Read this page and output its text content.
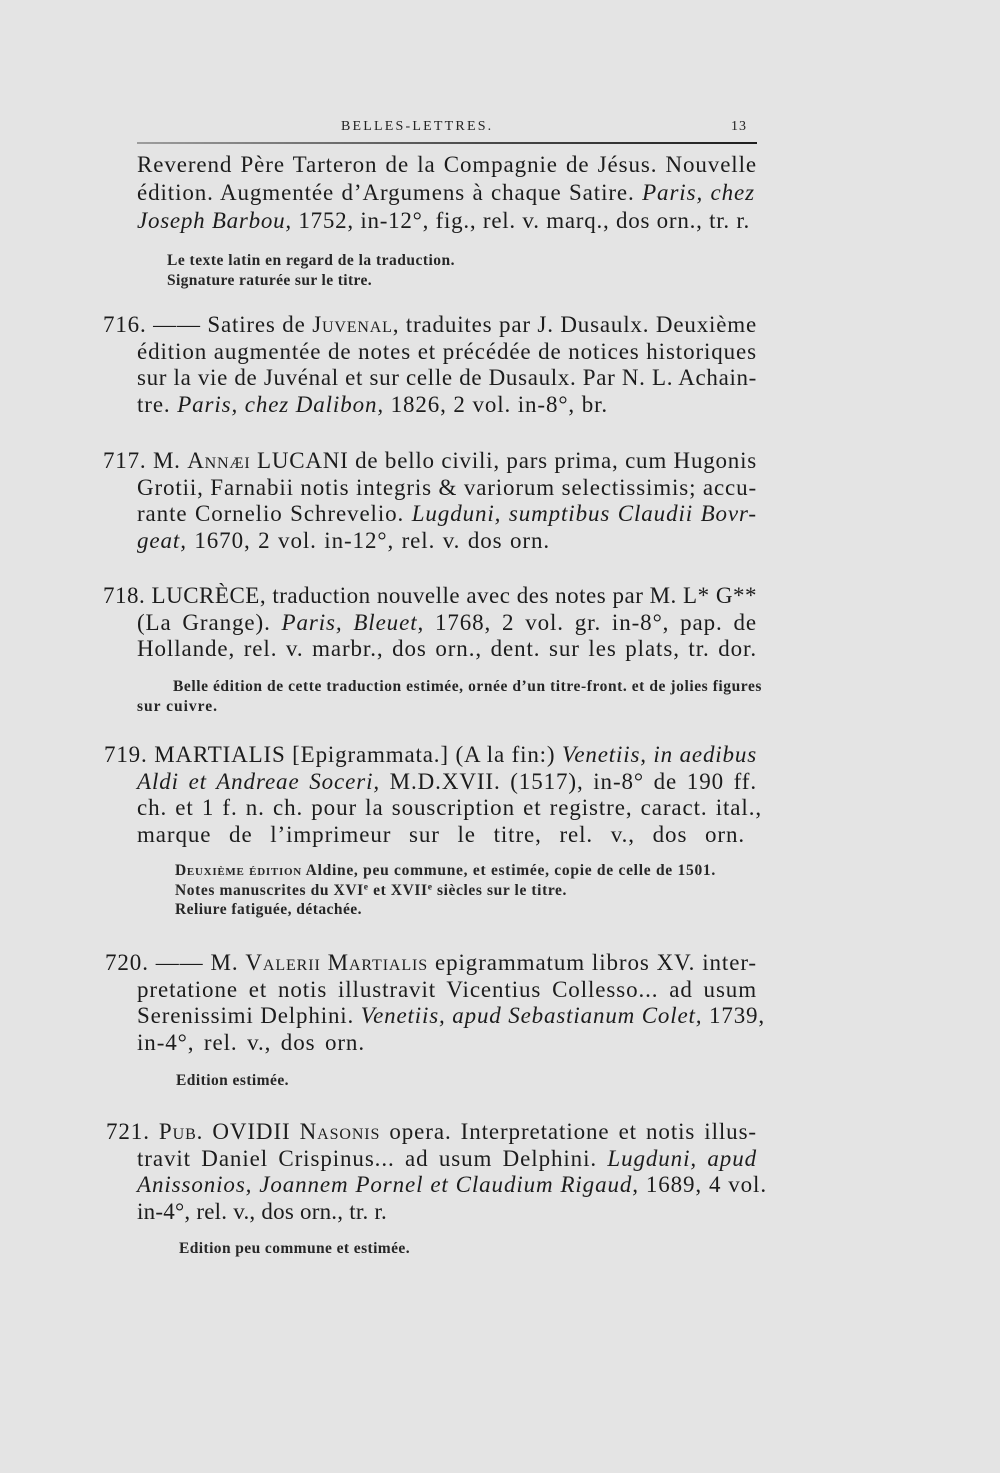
BELLES-LETTRES.	13
Reverend Père Tarteron de la Compagnie de Jésus. Nouvelle
édition. Augmentée d’Argumens à chaque Satire. Paris, chez
Joseph Barbou, 1752, in-12°, fig., rel. v. marq., dos orn., tr. r.
Le texte latin en regard de la traduction.
Signature raturée sur le titre.
716. —— Satires de Juvenal, traduites par J. Dusaulx. Deuxième
édition augmentée de notes et précédée de notices historiques
sur la vie de Juvénal et sur celle de Dusaulx. Par N. L. Achain-
tre. Paris, chez Dalibon, 1826, 2 vol. in-8°, br.
717. M. Annæi LUCANI de bello civili, pars prima, cum Hugonis
Grotii, Farnabii notis integris & variorum selectissimis; accu-
rante Cornelio Schrevelio. Lugduni, sumptibus Claudii Bovr-
geat, 1670, 2 vol. in-12°, rel. v. dos orn.
718. LUCRÈCE, traduction nouvelle avec des notes par M. L* G**
(La Grange). Paris, Bleuet, 1768, 2 vol. gr. in-8°, pap. de
Hollande, rel. v. marbr., dos orn., dent. sur les plats, tr. dor.
Belle édition de cette traduction estimée, ornée d’un titre-front. et de jolies figures
sur cuivre.
719. MARTIALIS [Epigrammata.] (A la fin:) Venetiis, in aedibus
Aldi et Andreae Soceri, M.D.XVII. (1517), in-8° de 190 ff.
ch. et 1 f. n. ch. pour la souscription et registre, caract. ital.,
marque de l’imprimeur sur le titre, rel. v., dos orn.
Deuxième édition Aldine, peu commune, et estimée, copie de celle de 1501.
Notes manuscrites du XVIe et XVIIe siècles sur le titre.
Reliure fatiguée, détachée.
720. —— M. Valerii Martialis epigrammatum libros XV. inter-
pretatione et notis illustravit Vicentius Collesso... ad usum
Serenissimi Delphini. Venetiis, apud Sebastianum Colet, 1739,
in-4°, rel. v., dos orn.
Edition estimée.
721. Pub. OVIDII Nasonis opera. Interpretatione et notis illus-
travit Daniel Crispinus... ad usum Delphini. Lugduni, apud
Anissonios, Joannem Pornel et Claudium Rigaud, 1689, 4 vol.
in-4°, rel. v., dos orn., tr. r.
Edition peu commune et estimée.
